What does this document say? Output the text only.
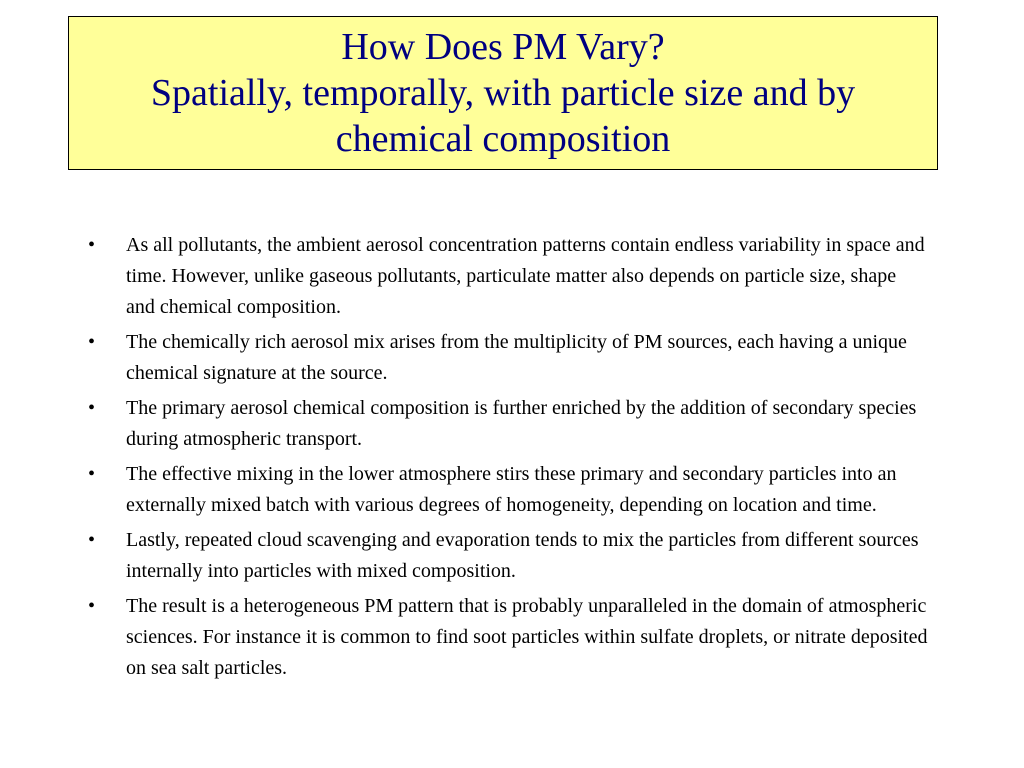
How Does PM Vary?
Spatially, temporally, with particle size and by
chemical composition
• As all pollutants, the ambient aerosol concentration patterns contain endless variability in space and time. However, unlike gaseous pollutants, particulate matter also depends on particle size, shape and chemical composition.
• The chemically rich aerosol mix arises from the multiplicity of PM sources, each having a unique chemical signature at the source.
• The primary aerosol chemical composition is further enriched by the addition of secondary species during atmospheric transport.
• The effective mixing in the lower atmosphere stirs these primary and secondary particles into an externally mixed batch with various degrees of homogeneity, depending on location and time.
• Lastly, repeated cloud scavenging and evaporation tends to mix the particles from different sources internally into particles with mixed composition.
• The result is a heterogeneous PM pattern that is probably unparalleled in the domain of atmospheric sciences. For instance it is common to find soot particles within sulfate droplets, or nitrate deposited on sea salt particles.
